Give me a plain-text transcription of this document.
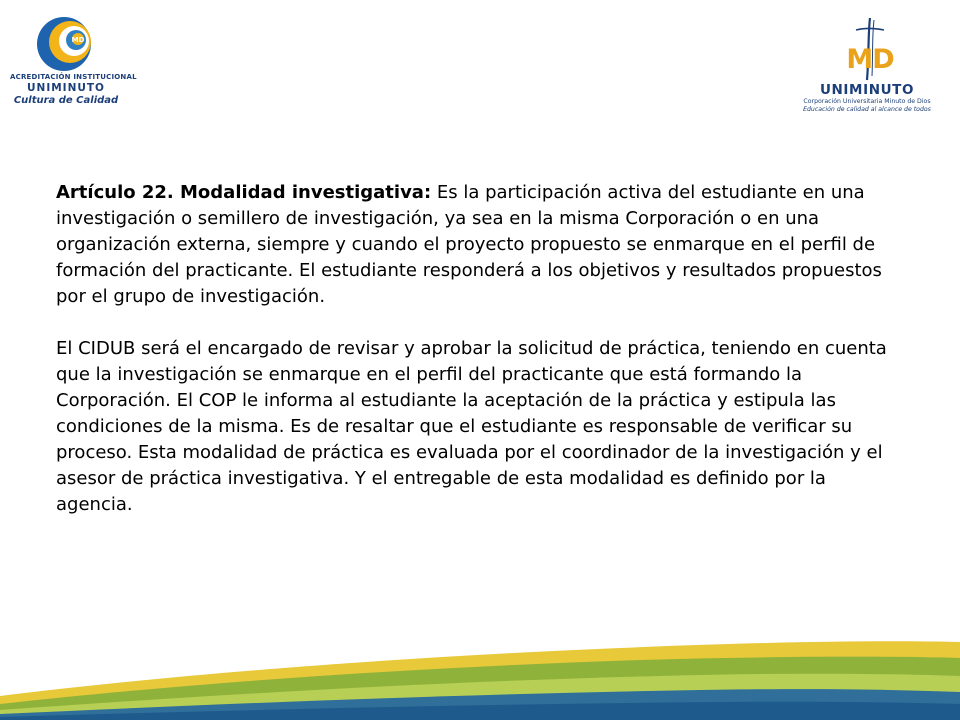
MD
ACREDITACIÓN INSTITUCIONAL
UNIMINUTO
Cultura de Calidad
MD
UNIMINUTO
Corporación Universitaria Minuto de Dios
Educación de calidad al alcance de todos

Artículo 22. Modalidad investigativa: Es la participación activa del estudiante en una investigación o semillero de investigación, ya sea en la misma Corporación o en una organización externa, siempre y cuando el proyecto propuesto se enmarque en el perfil de formación del practicante. El estudiante responderá a los objetivos y resultados propuestos por el grupo de investigación.

El CIDUB será el encargado de revisar y aprobar la solicitud de práctica, teniendo en cuenta que la investigación se enmarque en el perfil del practicante que está formando la Corporación. El COP le informa al estudiante la aceptación de la práctica y estipula las condiciones de la misma. Es de resaltar que el estudiante es responsable de verificar su proceso. Esta modalidad de práctica es evaluada por el coordinador de la investigación y el asesor de práctica investigativa. Y el entregable de esta modalidad es definido por la agencia.
